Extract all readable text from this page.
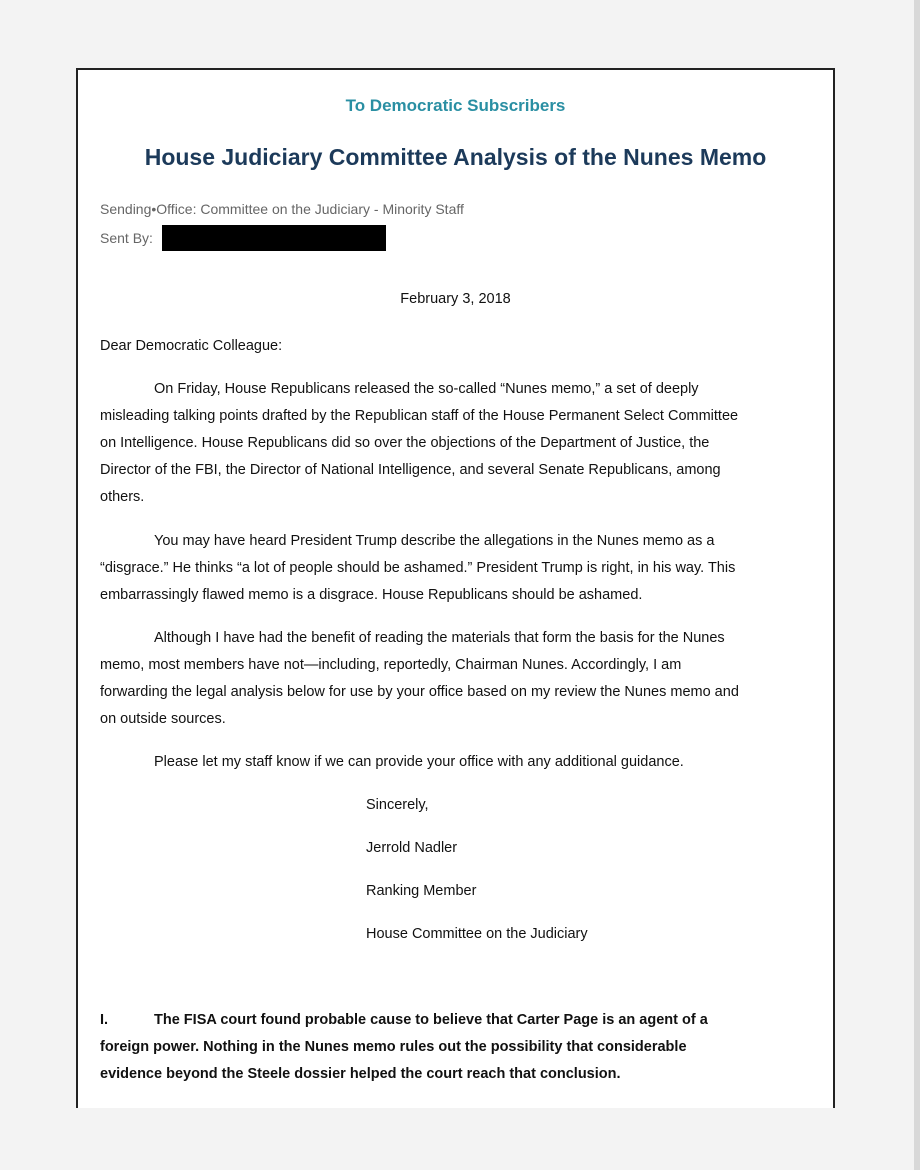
To Democratic Subscribers
House Judiciary Committee Analysis of the Nunes Memo
Sending•Office: Committee on the Judiciary - Minority Staff
Sent By:
February 3, 2018
Dear Democratic Colleague:
On Friday, House Republicans released the so-called “Nunes memo,” a set of deeply
misleading talking points drafted by the Republican staff of the House Permanent Select Committee
on Intelligence. House Republicans did so over the objections of the Department of Justice, the
Director of the FBI, the Director of National Intelligence, and several Senate Republicans, among
others.
You may have heard President Trump describe the allegations in the Nunes memo as a
“disgrace.” He thinks “a lot of people should be ashamed.” President Trump is right, in his way. This
embarrassingly flawed memo is a disgrace. House Republicans should be ashamed.
Although I have had the benefit of reading the materials that form the basis for the Nunes
memo, most members have not—including, reportedly, Chairman Nunes. Accordingly, I am
forwarding the legal analysis below for use by your office based on my review the Nunes memo and
on outside sources.
Please let my staff know if we can provide your office with any additional guidance.
Sincerely,
Jerrold Nadler
Ranking Member
House Committee on the Judiciary
I.	The FISA court found probable cause to believe that Carter Page is an agent of a
foreign power. Nothing in the Nunes memo rules out the possibility that considerable
evidence beyond the Steele dossier helped the court reach that conclusion.
